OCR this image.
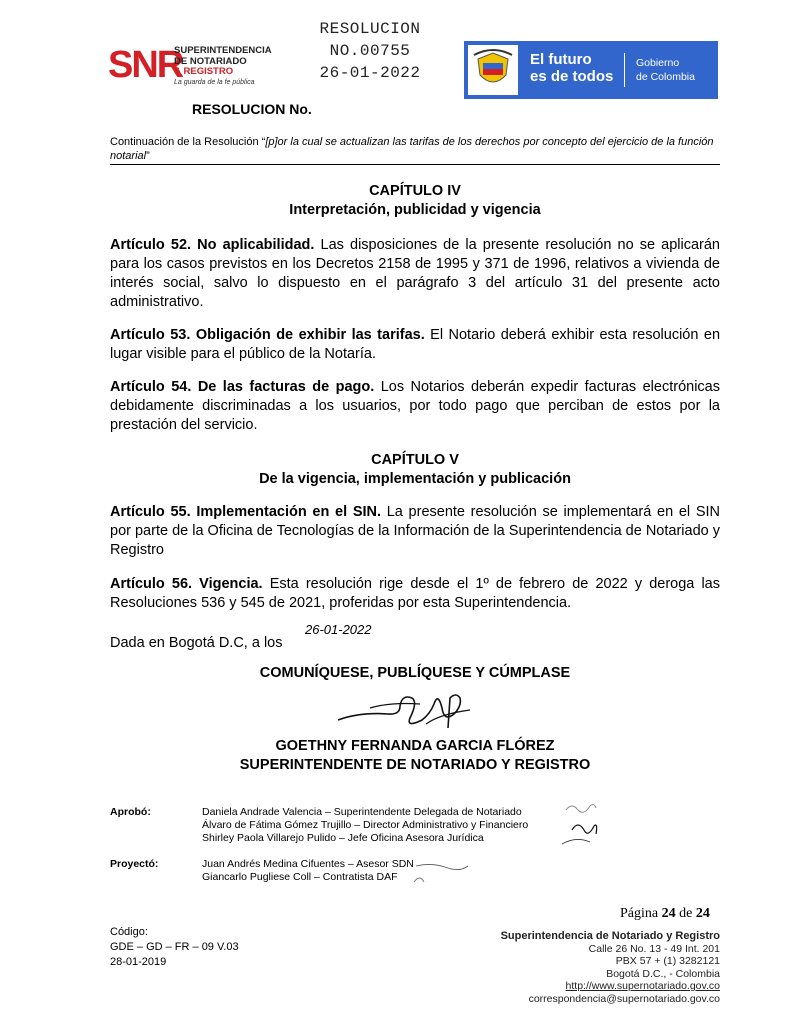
RESOLUCION
NO.00755
26-01-2022
SNR
SUPERINTENDENCIA
DE NOTARIADO
& REGISTRO
La guarda de la fe pública
El futuro
es de todos
Gobierno
de Colombia
RESOLUCION No.
Continuación de la Resolución “[p]or la cual se actualizan las tarifas de los derechos por concepto del ejercicio de la función notarial”
CAPÍTULO IV
Interpretación, publicidad y vigencia
Artículo 52. No aplicabilidad. Las disposiciones de la presente resolución no se aplicarán para los casos previstos en los Decretos 2158 de 1995 y 371 de 1996, relativos a vivienda de interés social, salvo lo dispuesto en el parágrafo 3 del artículo 31 del presente acto administrativo.
Artículo 53. Obligación de exhibir las tarifas. El Notario deberá exhibir esta resolución en lugar visible para el público de la Notaría.
Artículo 54. De las facturas de pago. Los Notarios deberán expedir facturas electrónicas debidamente discriminadas a los usuarios, por todo pago que perciban de estos por la prestación del servicio.
CAPÍTULO V
De la vigencia, implementación y publicación
Artículo 55. Implementación en el SIN. La presente resolución se implementará en el SIN por parte de la Oficina de Tecnologías de la Información de la Superintendencia de Notariado y Registro
Artículo 56. Vigencia. Esta resolución rige desde el 1º de febrero de 2022 y deroga las Resoluciones 536 y 545 de 2021, proferidas por esta Superintendencia.
Dada en Bogotá D.C, a los
26-01-2022
COMUNÍQUESE, PUBLÍQUESE Y CÚMPLASE
GOETHNY FERNANDA GARCIA FLÓREZ
SUPERINTENDENTE DE NOTARIADO Y REGISTRO
Aprobó:	Daniela Andrade Valencia – Superintendente Delegada de Notariado
Álvaro de Fátima Gómez Trujillo – Director Administrativo y Financiero
Shirley Paola Villarejo Pulido – Jefe Oficina Asesora Jurídica
Proyectó:	Juan Andrés Medina Cifuentes – Asesor SDN
Giancarlo Pugliese Coll – Contratista DAF
Código:
GDE – GD – FR – 09 V.03
28-01-2019
Página 24 de 24
Superintendencia de Notariado y Registro
Calle 26 No. 13 - 49 Int. 201
PBX 57 + (1) 3282121
Bogotá D.C., - Colombia
http://www.supernotariado.gov.co
correspondencia@supernotariado.gov.co
